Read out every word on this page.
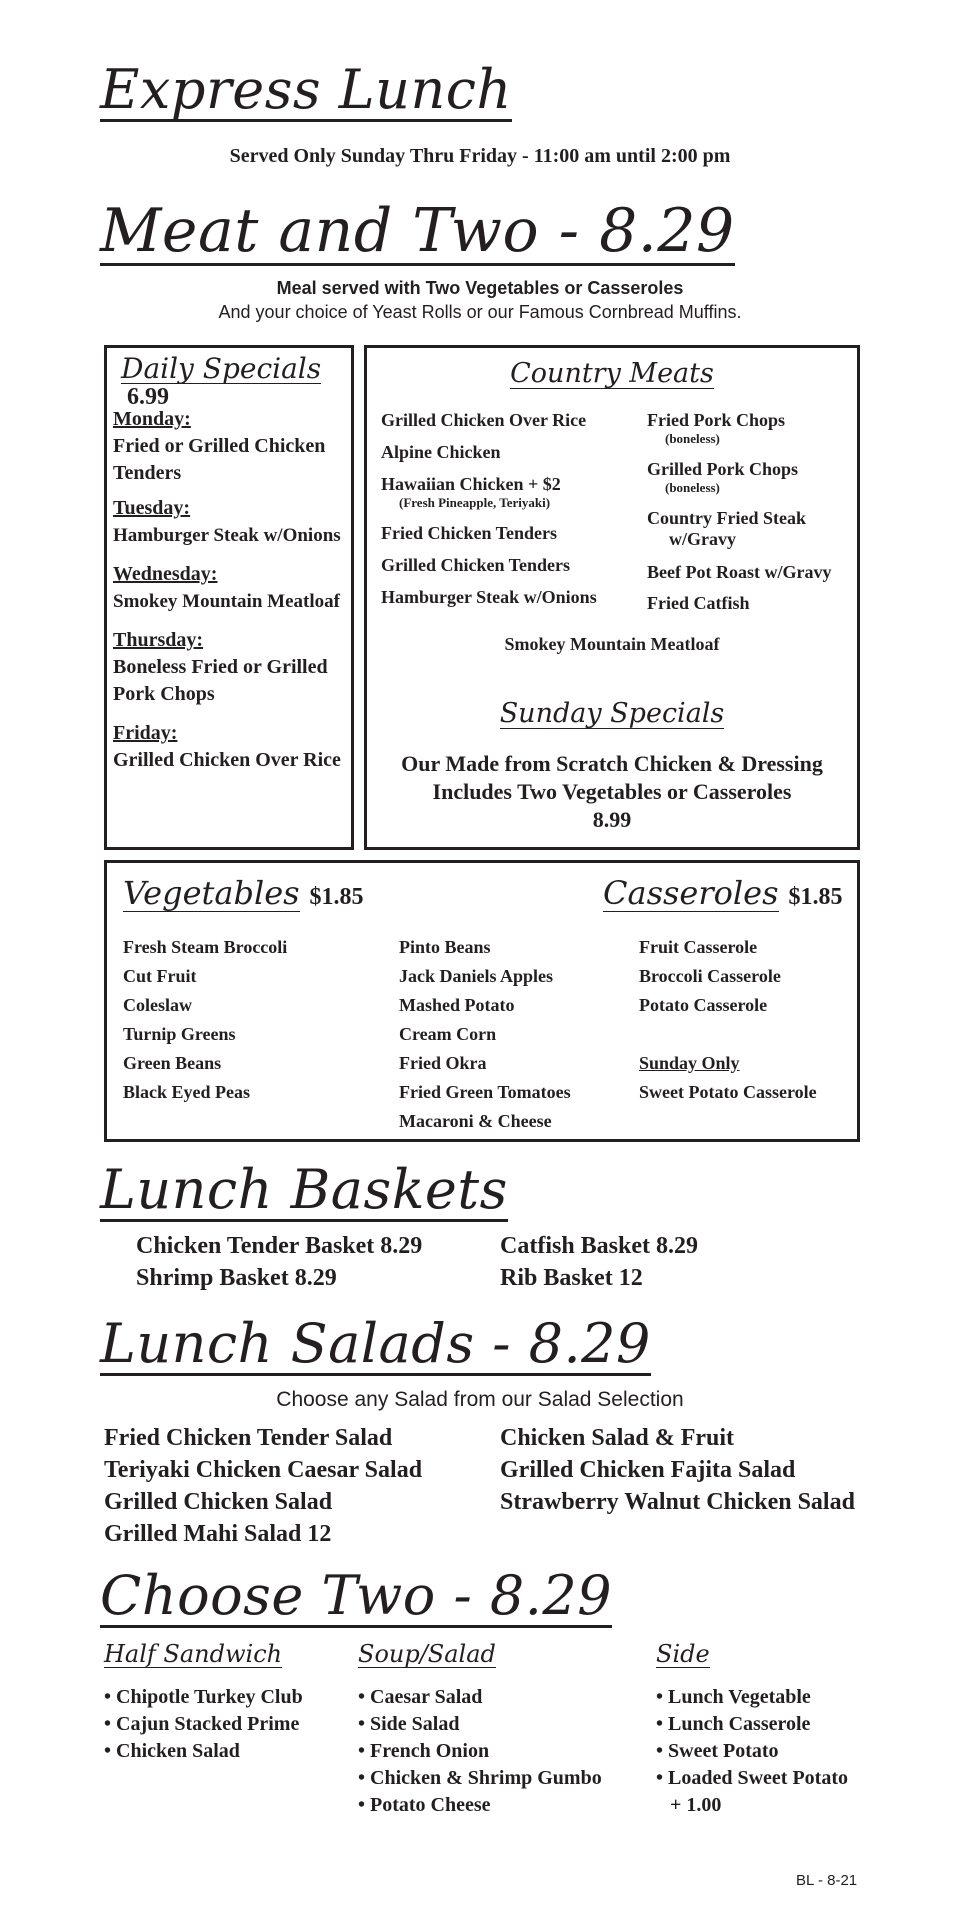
Express Lunch
Served Only Sunday Thru Friday - 11:00 am until 2:00 pm
Meat and Two - 8.29
Meal served with Two Vegetables or Casseroles
And your choice of Yeast Rolls or our Famous Cornbread Muffins.
Daily Specials 6.99
Monday:
Fried or Grilled Chicken Tenders
Tuesday:
Hamburger Steak w/Onions
Wednesday:
Smokey Mountain Meatloaf
Thursday:
Boneless Fried or Grilled Pork Chops
Friday:
Grilled Chicken Over Rice
Country Meats
Grilled Chicken Over Rice
Alpine Chicken
Hawaiian Chicken + $2
(Fresh Pineapple, Teriyaki)
Fried Chicken Tenders
Grilled Chicken Tenders
Hamburger Steak w/Onions
Fried Pork Chops
(boneless)
Grilled Pork Chops
(boneless)
Country Fried Steak
w/Gravy
Beef Pot Roast w/Gravy
Fried Catfish
Smokey Mountain Meatloaf
Sunday Specials
Our Made from Scratch Chicken & Dressing
Includes Two Vegetables or Casseroles
8.99
Vegetables $1.85	Casseroles $1.85
Fresh Steam Broccoli
Cut Fruit
Coleslaw
Turnip Greens
Green Beans
Black Eyed Peas
Pinto Beans
Jack Daniels Apples
Mashed Potato
Cream Corn
Fried Okra
Fried Green Tomatoes
Macaroni & Cheese
Fruit Casserole
Broccoli Casserole
Potato Casserole
Sunday Only
Sweet Potato Casserole
Lunch Baskets
Chicken Tender Basket 8.29
Shrimp Basket 8.29
Catfish Basket 8.29
Rib Basket 12
Lunch Salads - 8.29
Choose any Salad from our Salad Selection
Fried Chicken Tender Salad
Teriyaki Chicken Caesar Salad
Grilled Chicken Salad
Grilled Mahi Salad 12
Chicken Salad & Fruit
Grilled Chicken Fajita Salad
Strawberry Walnut Chicken Salad
Choose Two - 8.29
Half Sandwich
• Chipotle Turkey Club
• Cajun Stacked Prime
• Chicken Salad
Soup/Salad
• Caesar Salad
• Side Salad
• French Onion
• Chicken & Shrimp Gumbo
• Potato Cheese
Side
• Lunch Vegetable
• Lunch Casserole
• Sweet Potato
• Loaded Sweet Potato
+ 1.00
BL - 8-21
